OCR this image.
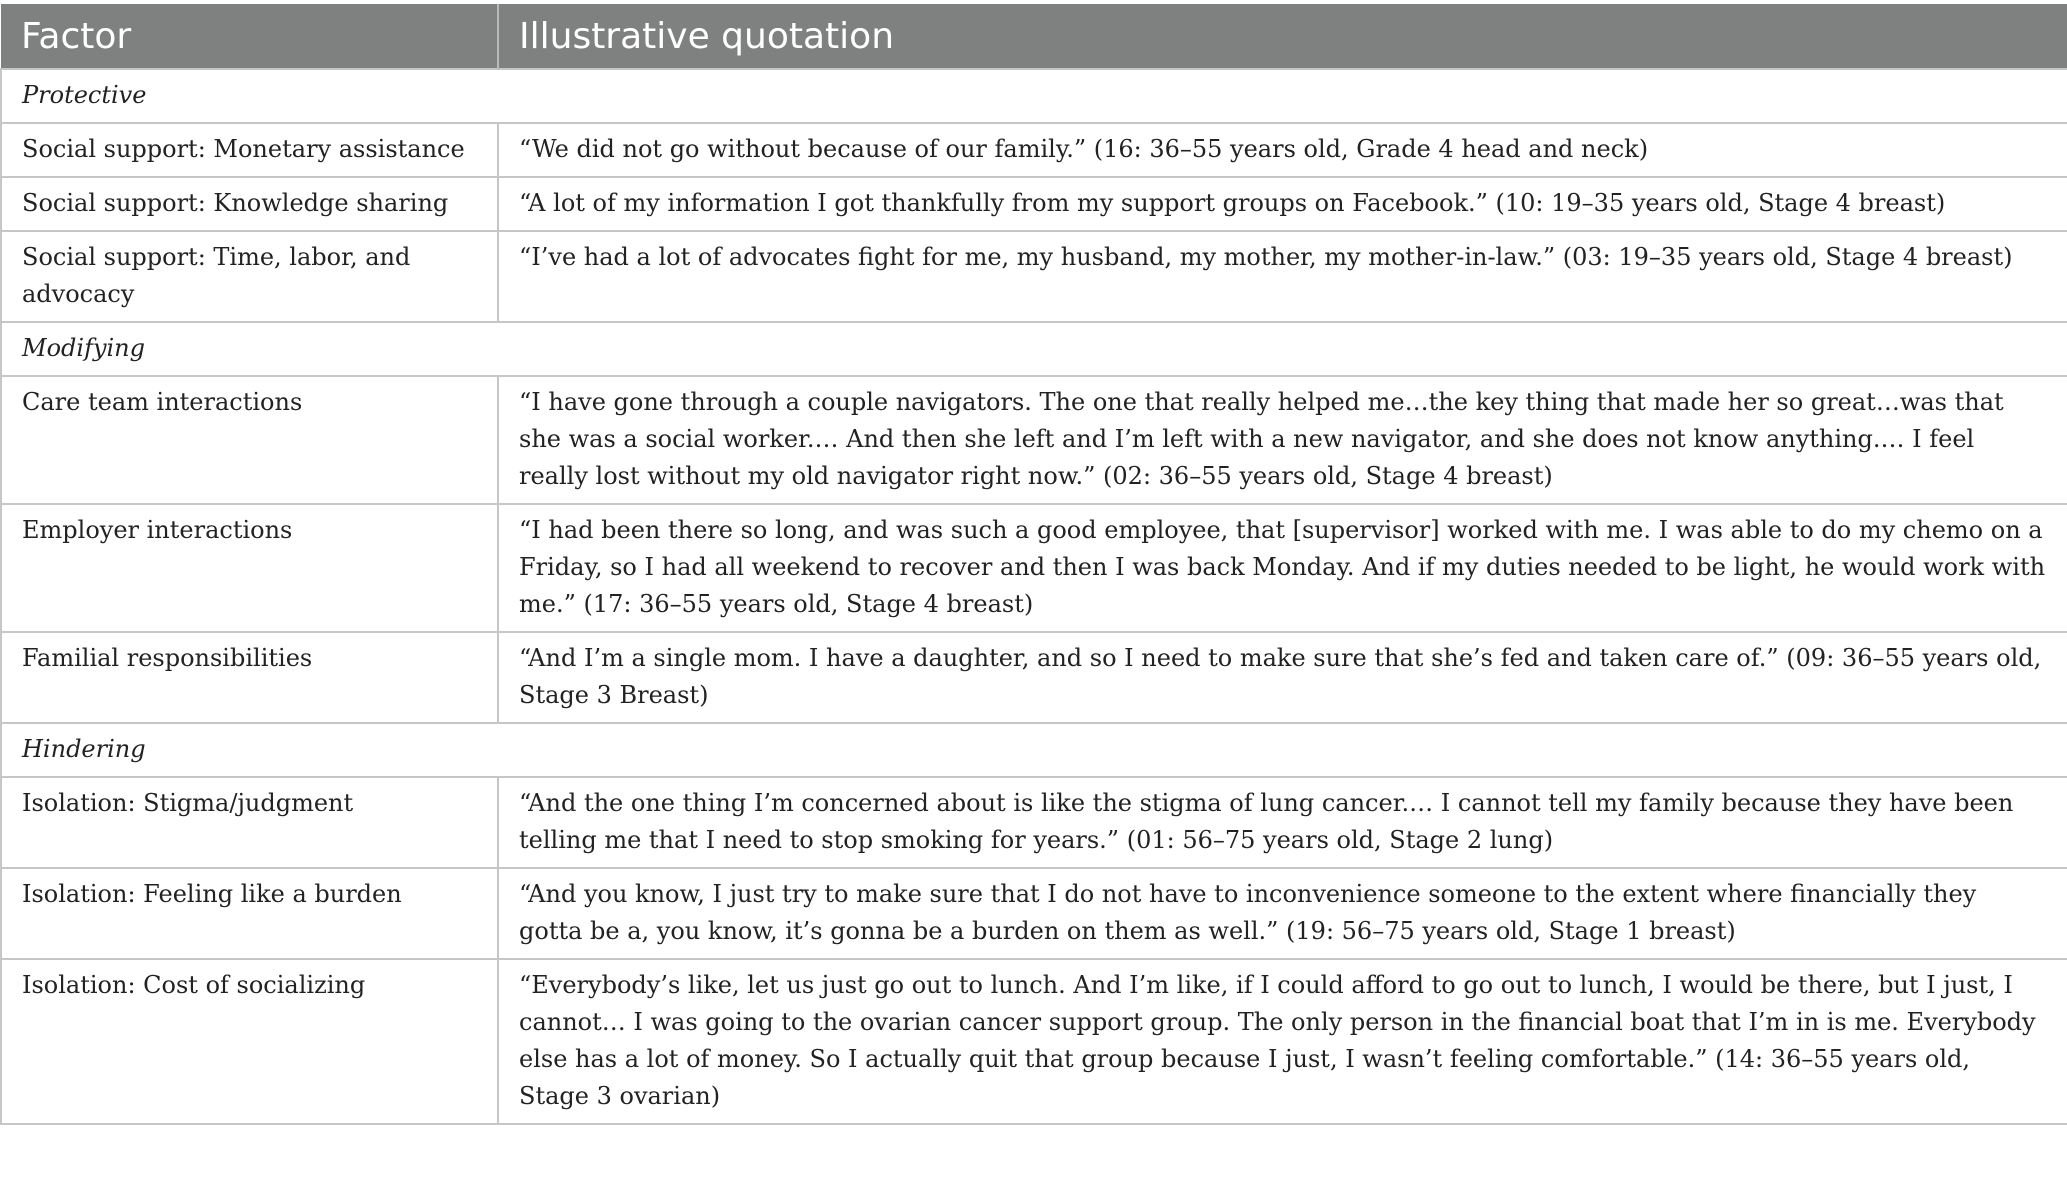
Factor	Illustrative quotation
Protective	
Social support: Monetary assistance	“We did not go without because of our family.” (16: 36–55 years old, Grade 4 head and neck)
Social support: Knowledge sharing	“A lot of my information I got thankfully from my support groups on Facebook.” (10: 19–35 years old, Stage 4 breast)
Social support: Time, labor, and advocacy	“I’ve had a lot of advocates fight for me, my husband, my mother, my mother-in-law.” (03: 19–35 years old, Stage 4 breast)
Modifying	
Care team interactions	“I have gone through a couple navigators. The one that really helped me…the key thing that made her so great…was that she was a social worker.… And then she left and I’m left with a new navigator, and she does not know anything.… I feel really lost without my old navigator right now.” (02: 36–55 years old, Stage 4 breast)
Employer interactions	“I had been there so long, and was such a good employee, that [supervisor] worked with me. I was able to do my chemo on a Friday, so I had all weekend to recover and then I was back Monday. And if my duties needed to be light, he would work with me.” (17: 36–55 years old, Stage 4 breast)
Familial responsibilities	“And I’m a single mom. I have a daughter, and so I need to make sure that she’s fed and taken care of.” (09: 36–55 years old, Stage 3 Breast)
Hindering	
Isolation: Stigma/judgment	“And the one thing I’m concerned about is like the stigma of lung cancer.… I cannot tell my family because they have been telling me that I need to stop smoking for years.” (01: 56–75 years old, Stage 2 lung)
Isolation: Feeling like a burden	“And you know, I just try to make sure that I do not have to inconvenience someone to the extent where financially they gotta be a, you know, it’s gonna be a burden on them as well.” (19: 56–75 years old, Stage 1 breast)
Isolation: Cost of socializing	“Everybody’s like, let us just go out to lunch. And I’m like, if I could afford to go out to lunch, I would be there, but I just, I cannot… I was going to the ovarian cancer support group. The only person in the financial boat that I’m in is me. Everybody else has a lot of money. So I actually quit that group because I just, I wasn’t feeling comfortable.” (14: 36–55 years old, Stage 3 ovarian)
